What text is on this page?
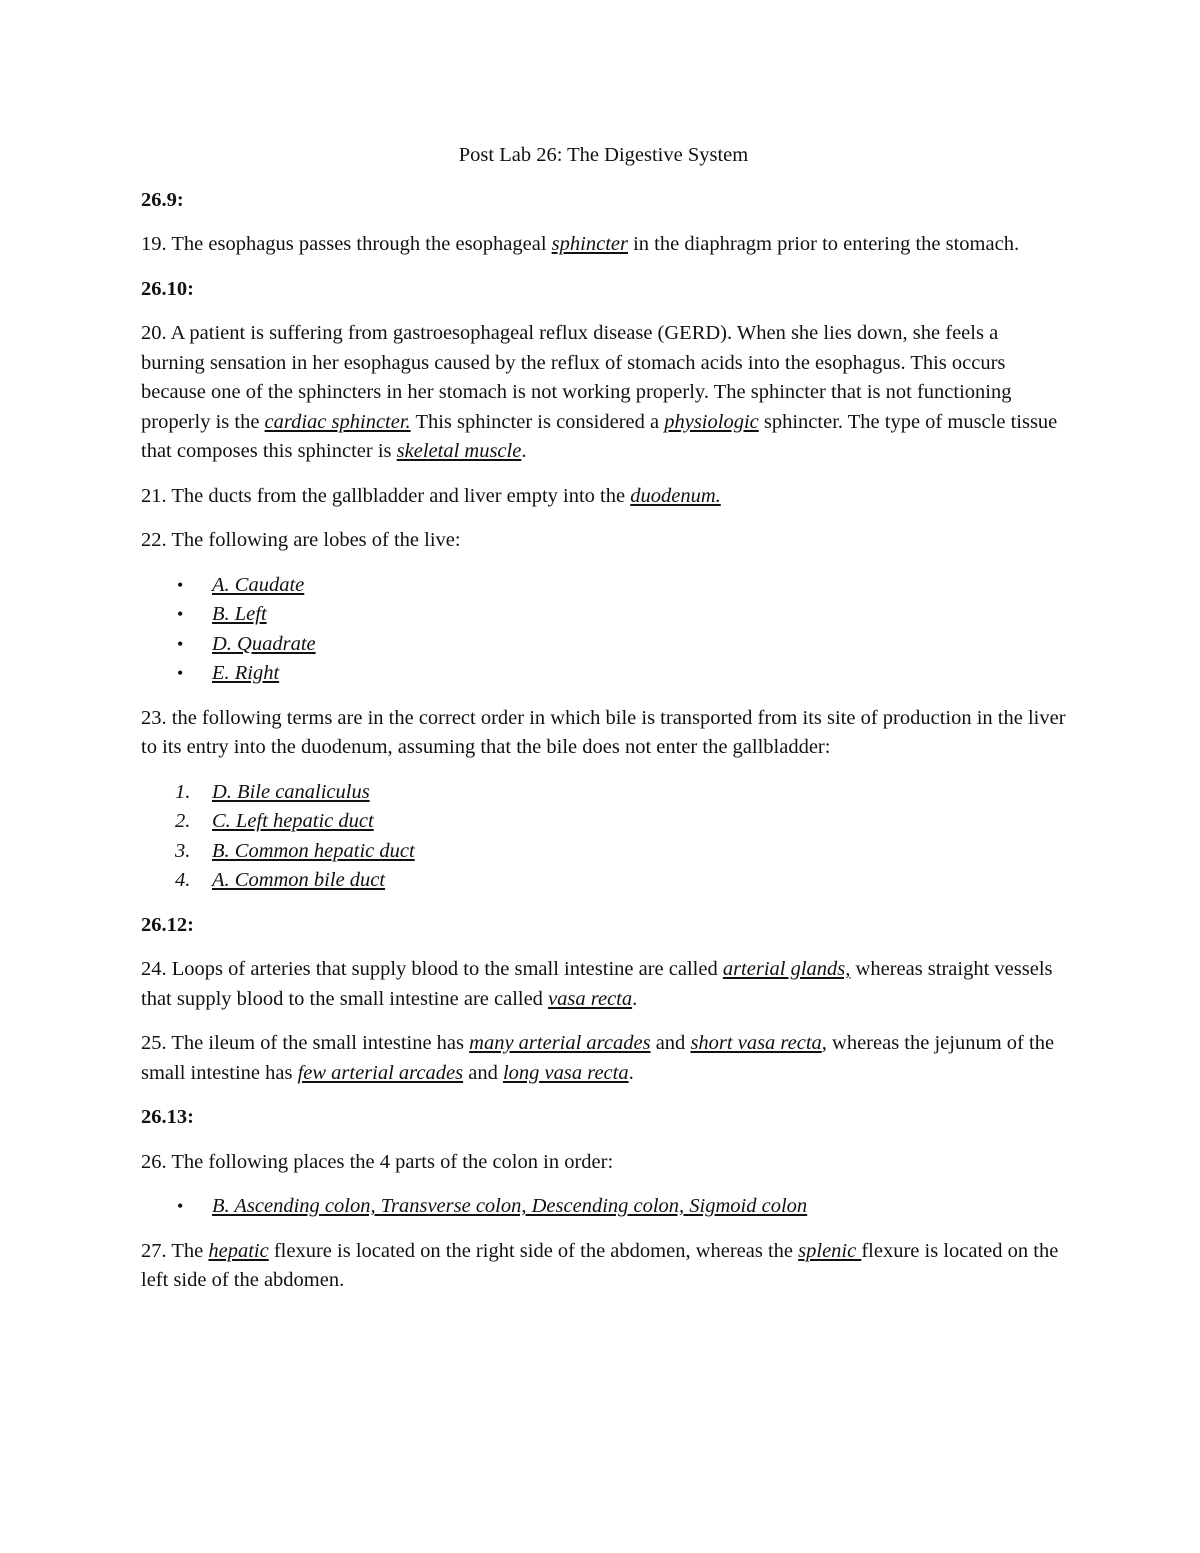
Post Lab 26: The Digestive System
26.9:

19. The esophagus passes through the esophageal sphincter in the diaphragm prior to entering the stomach.

26.10:

20. A patient is suffering from gastroesophageal reflux disease (GERD). When she lies down, she feels a burning sensation in her esophagus caused by the reflux of stomach acids into the esophagus. This occurs because one of the sphincters in her stomach is not working properly. The sphincter that is not functioning properly is the cardiac sphincter. This sphincter is considered a physiologic sphincter. The type of muscle tissue that composes this sphincter is skeletal muscle.

21. The ducts from the gallbladder and liver empty into the duodenum.

22. The following are lobes of the live:

• A. Caudate
• B. Left
• D. Quadrate
• E. Right

23. the following terms are in the correct order in which bile is transported from its site of production in the liver to its entry into the duodenum, assuming that the bile does not enter the gallbladder:

1. D. Bile canaliculus
2. C. Left hepatic duct
3. B. Common hepatic duct
4. A. Common bile duct
26.12:

24. Loops of arteries that supply blood to the small intestine are called arterial glands, whereas straight vessels that supply blood to the small intestine are called vasa recta.

25. The ileum of the small intestine has many arterial arcades and short vasa recta, whereas the jejunum of the small intestine has few arterial arcades and long vasa recta.

26.13:

26. The following places the 4 parts of the colon in order:

• B. Ascending colon, Transverse colon, Descending colon, Sigmoid colon

27. The hepatic flexure is located on the right side of the abdomen, whereas the splenic flexure is located on the left side of the abdomen.
